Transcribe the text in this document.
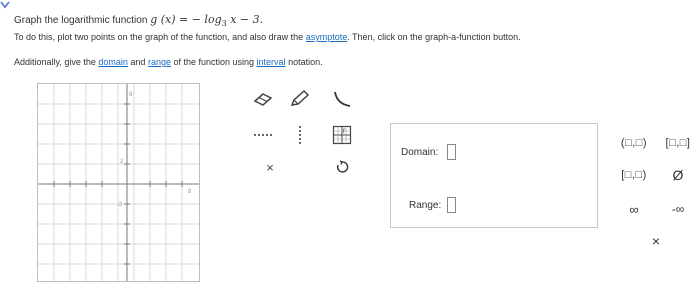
Graph the logarithmic function g (x) = − $\log_3 x - 3$.
To do this, plot two points on the graph of the function, and also draw the asymptote. Then, click on the graph-a-function button.
Additionally, give the domain and range of the function using interval notation.
8
2
-2
8
f
×
Domain:
Range:
(□,□)	[□,□]
[□,□)	Ø
∞	-∞
×
